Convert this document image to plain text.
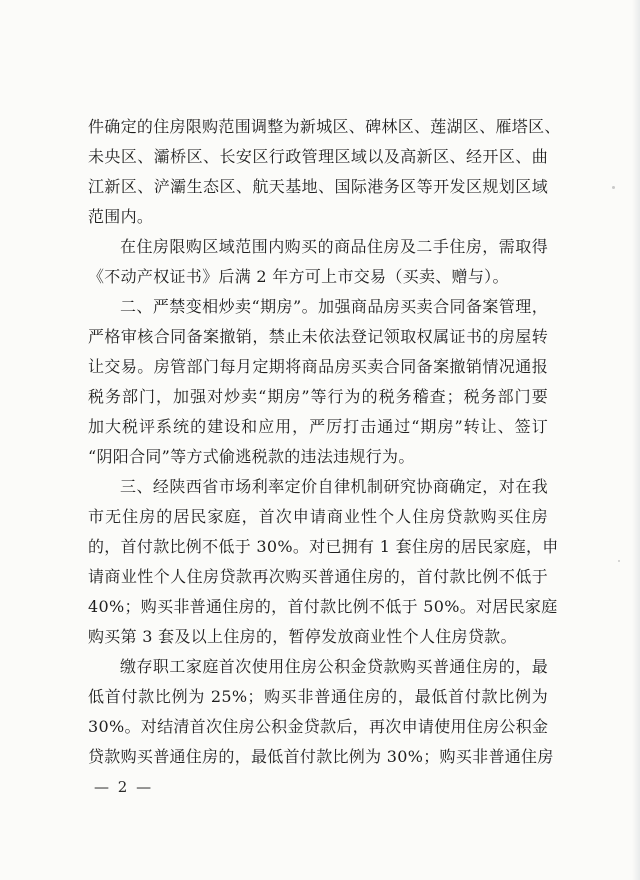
件确定的住房限购范围调整为新城区、碑林区、莲湖区、雁塔区、
未央区、灞桥区、长安区行政管理区域以及高新区、经开区、曲
江新区、浐灞生态区、航天基地、国际港务区等开发区规划区域
范围内。
在住房限购区域范围内购买的商品住房及二手住房，需取得
《不动产权证书》后满 2 年方可上市交易（买卖、赠与）。
二、严禁变相炒卖“期房”。加强商品房买卖合同备案管理，
严格审核合同备案撤销，禁止未依法登记领取权属证书的房屋转
让交易。房管部门每月定期将商品房买卖合同备案撤销情况通报
税务部门，加强对炒卖“期房”等行为的税务稽查；税务部门要
加大税评系统的建设和应用，严厉打击通过“期房”转让、签订
“阴阳合同”等方式偷逃税款的违法违规行为。
三、经陕西省市场利率定价自律机制研究协商确定，对在我
市无住房的居民家庭，首次申请商业性个人住房贷款购买住房
的，首付款比例不低于 30%。对已拥有 1 套住房的居民家庭，申
请商业性个人住房贷款再次购买普通住房的，首付款比例不低于
40%；购买非普通住房的，首付款比例不低于 50%。对居民家庭
购买第 3 套及以上住房的，暂停发放商业性个人住房贷款。
缴存职工家庭首次使用住房公积金贷款购买普通住房的，最
低首付款比例为 25%；购买非普通住房的，最低首付款比例为
30%。对结清首次住房公积金贷款后，再次申请使用住房公积金
贷款购买普通住房的，最低首付款比例为 30%；购买非普通住房
— 2 —
